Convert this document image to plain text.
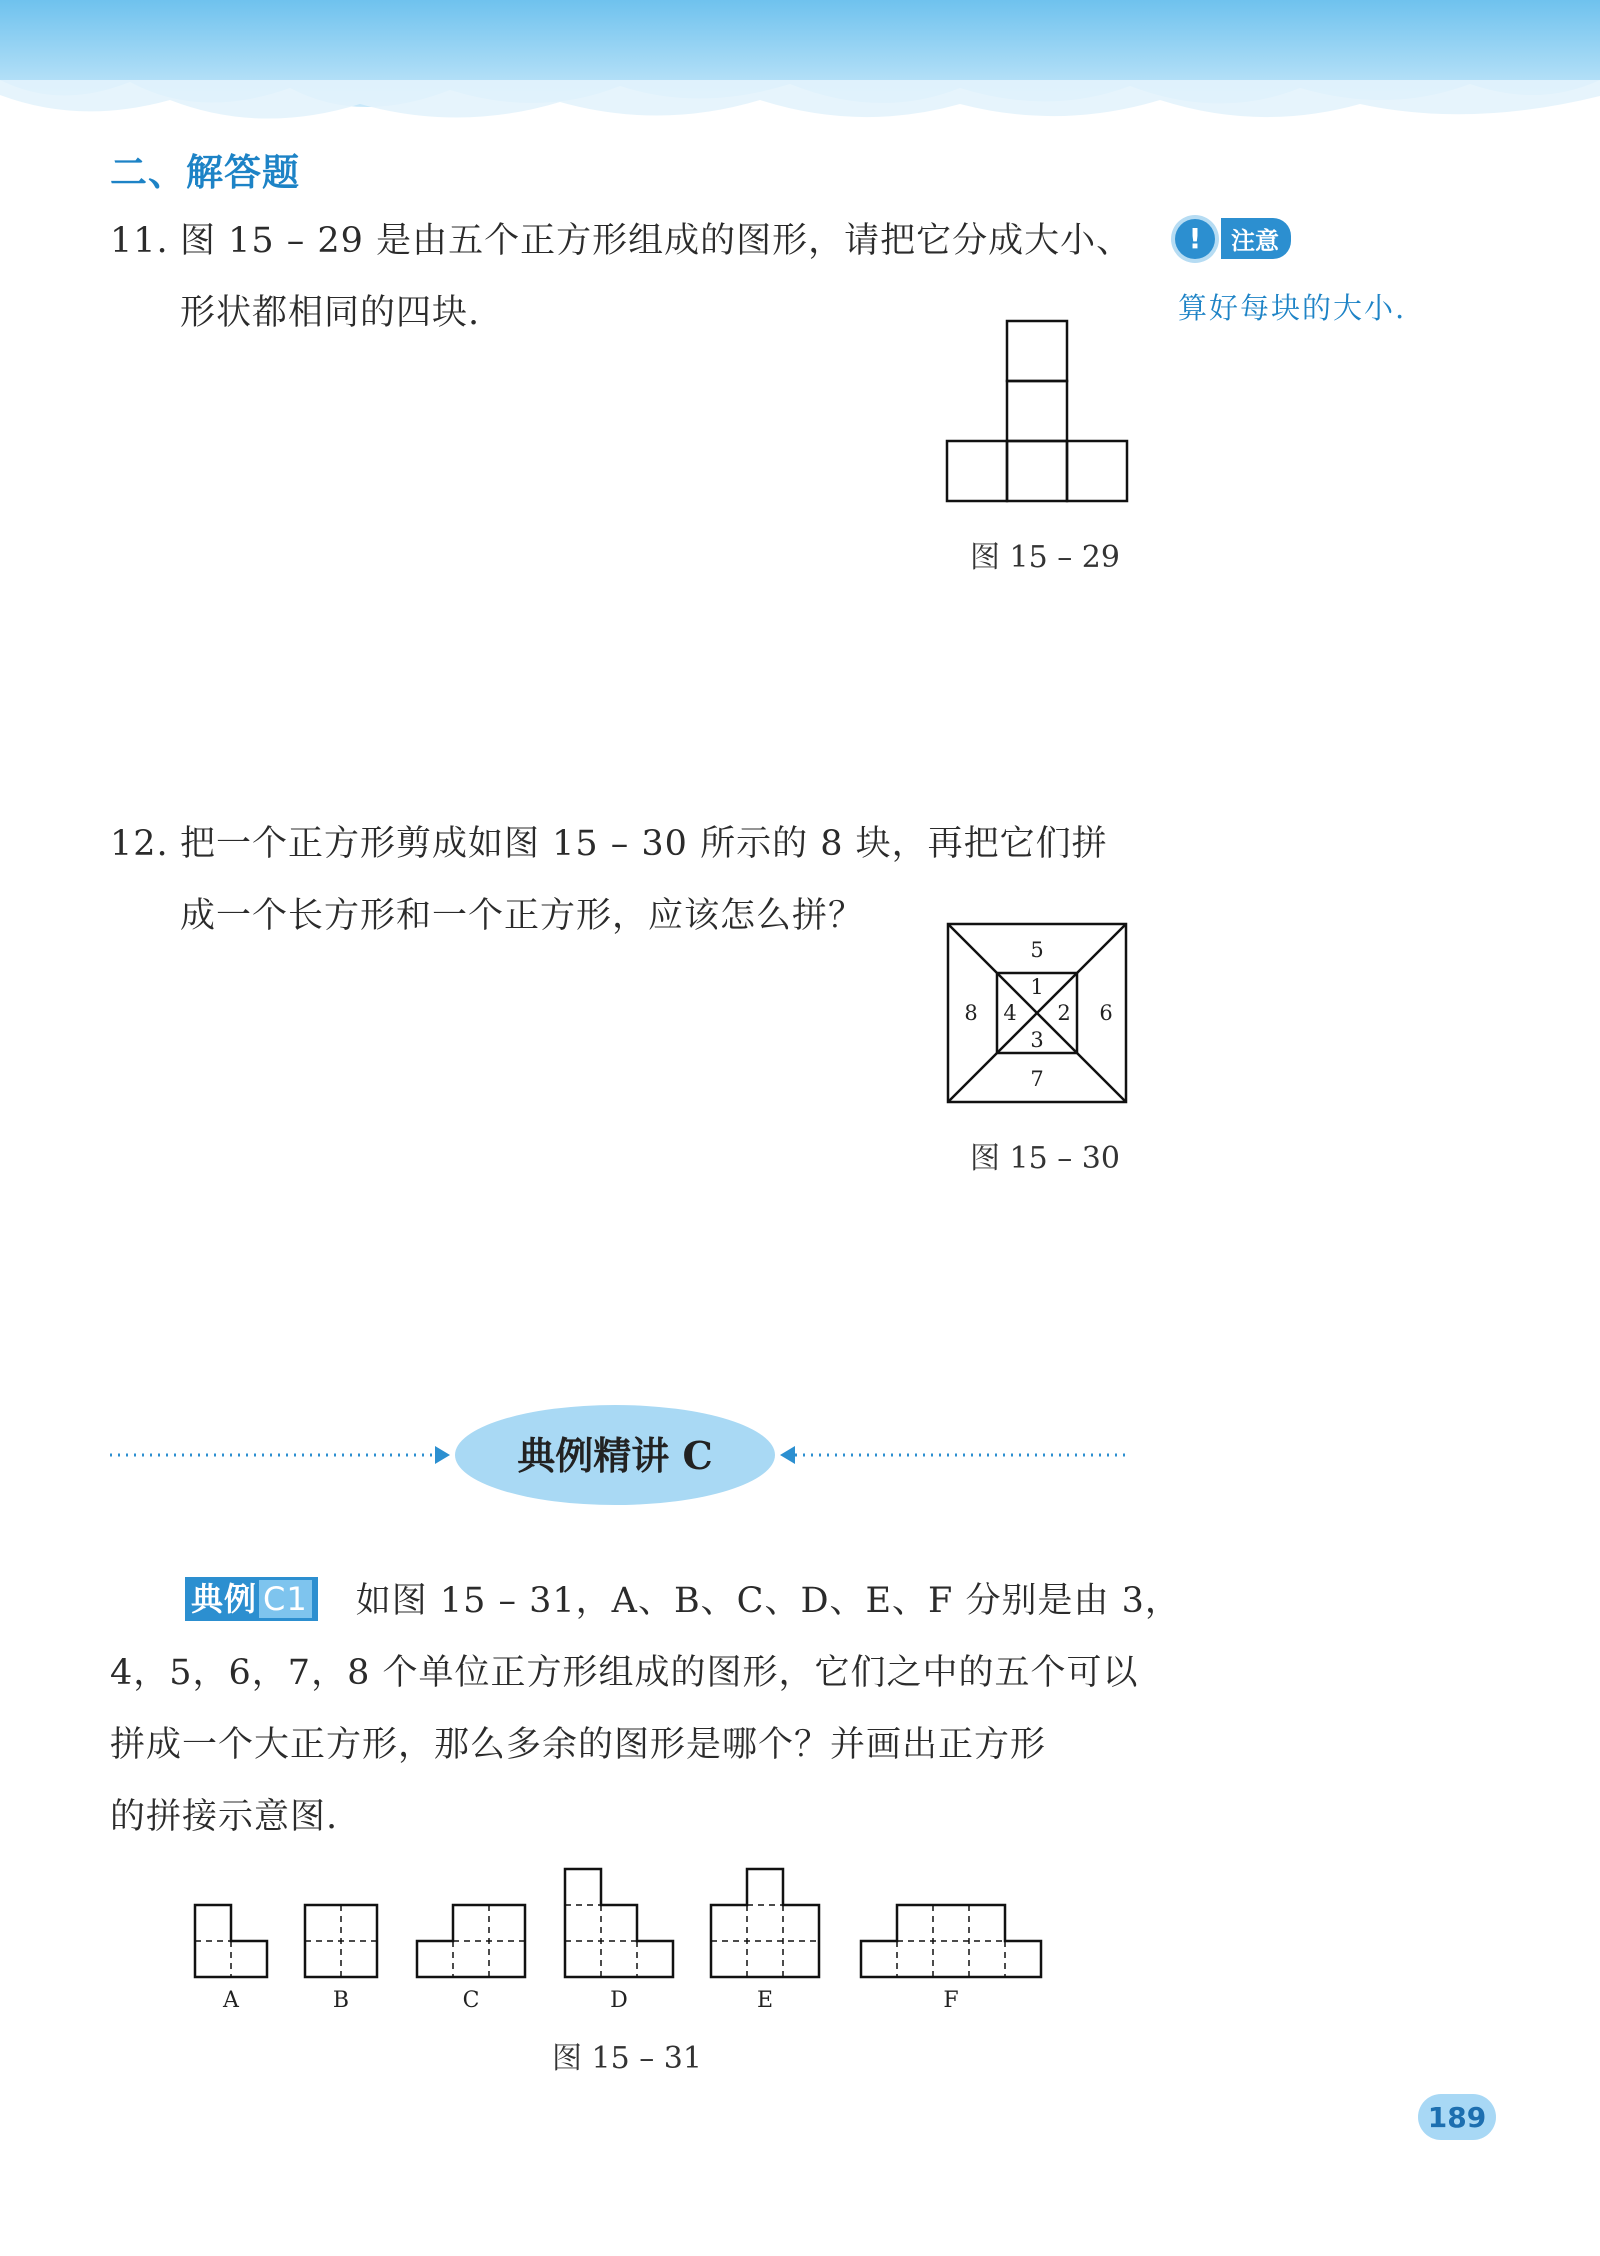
二、解答题

11. 图 15 – 29 是由五个正方形组成的图形，请把它分成大小、

形状都相同的四块.

图 15 – 29

!	注意

算好每块的大小.

12. 把一个正方形剪成如图 15 – 30 所示的 8 块，再把它们拼

成一个长方形和一个正方形，应该怎么拼？

5
1
8 4 2 6
3
7

图 15 – 30

典例精讲 C

典例 C1 如图 15 – 31，A、B、C、D、E、F 分别是由 3，

4，5，6，7，8 个单位正方形组成的图形，它们之中的五个可以

拼成一个大正方形，那么多余的图形是哪个？并画出正方形

的拼接示意图.

A	B	C	D	E	F

图 15 – 31

189
